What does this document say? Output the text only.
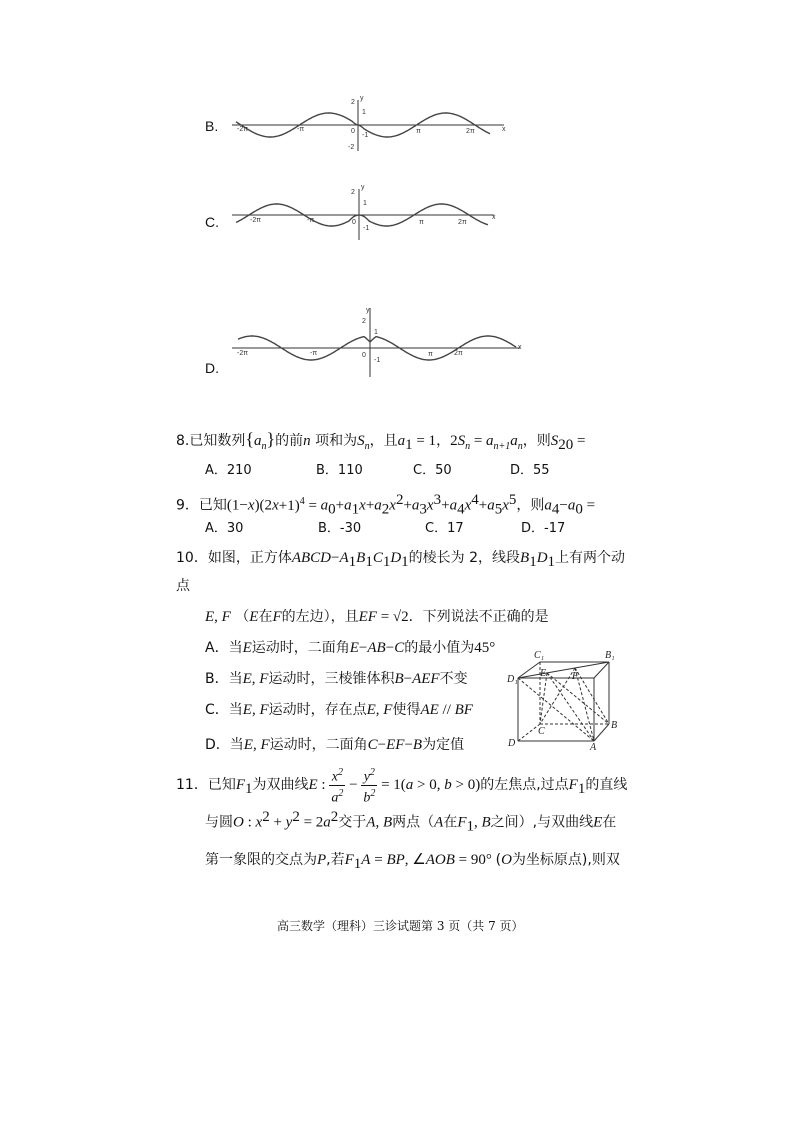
B.	-2π	-π	0	π	2π	x
y
2
1
-1
-2
C.	-2π	-π	0	π	2π
x
y
2
1
-1
D.
-2π	-π	0	π	2π
x
y
2
1
-1
8.已知数列$\{a_n\}$的前n 项和为$S_n$，且$a_1 = 1$，$2S_n = a_{n+1}a_n$，则$S_{20}$ =
A．210	B．110	C．50	D．55
9．已知$(1-x)(2x+1)^4 = a_0+a_1x+a_2x^2+a_3x^3+a_4x^4+a_5x^5$，则$a_4-a_0$ =
A．30	B．-30	C．17	D．-17
10．如图，正方体$ABCD-A_1B_1C_1D_1$的棱长为 2，线段$B_1D_1$上有两个动
点
E, F （E在F的左边），且EF = √2．下列说法不正确的是
A．当E运动时，二面角E−AB−C的最小值为45°
B．当E, F运动时，三棱锥体积B−AEF不变
C．当E, F运动时，存在点E, F使得AE // BF
D．当E, F运动时，二面角C−EF−B为定值
C₁	B₁
D₁
E	F
D
C
B
A
11．已知$F_1$为双曲线E : $\frac{x^2}{a^2} - \frac{y^2}{b^2} = 1(a > 0$, b > 0)的左焦点,过点$F_1$的直线
与圆O : $x^2 + y^2 = 2a^2$交于A, B两点（A在$F_1$, B之间）,与双曲线E在
第一象限的交点为P,若$F_1A$ = BP, ∠AOB = 90° (O为坐标原点),则双
高三数学（理科）三诊试题第 3 页（共 7 页）
